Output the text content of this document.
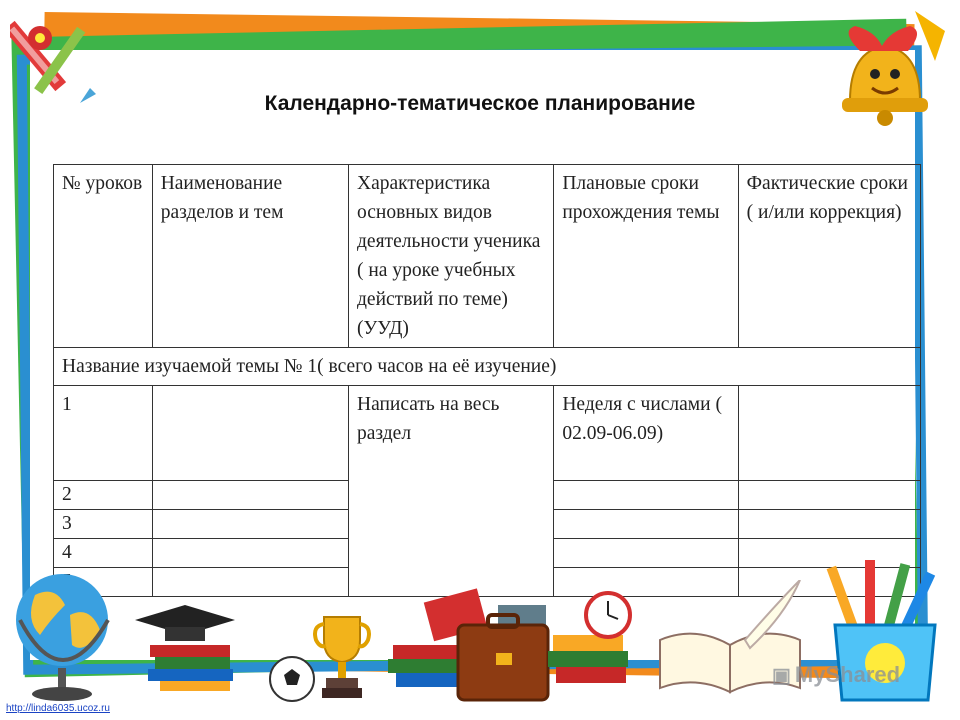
Календарно-тематическое планирование
№ уроков	Наименование разделов и тем	Характеристика основных видов деятельности ученика ( на уроке учебных действий по теме) (УУД)	Плановые сроки прохождения темы	Фактические сроки ( и/или коррекция)
Название изучаемой темы № 1( всего часов на её изучение)				
1		Написать на весь раздел	Неделя с числами ( 02.09-06.09)	
2				
3				
4				

▣ MyShared
http://linda6035.ucoz.ru
